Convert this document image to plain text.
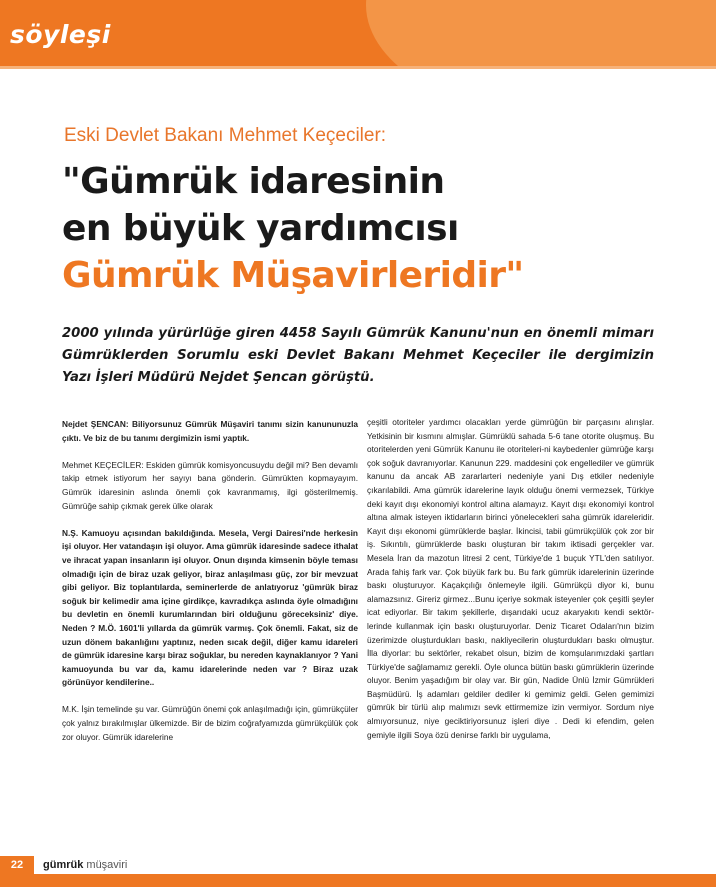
söyleşi
Eski Devlet Bakanı Mehmet Keçeciler:
"Gümrük idaresinin
en büyük yardımcısı
Gümrük Müşavirleridir"

2000 yılında yürürlüğe giren 4458 Sayılı Gümrük Kanunu'nun en önemli mimarı Gümrüklerden Sorumlu eski Devlet Bakanı Mehmet Keçeciler ile dergimizin Yazı İşleri Müdürü Nejdet Şencan görüştü.

Nejdet ŞENCAN: Biliyorsunuz Gümrük Müşaviri tanımı sizin kanununuzla çıktı. Ve biz de bu tanımı dergimizin ismi yaptık.

Mehmet KEÇECİLER: Eskiden gümrük komisyoncusuydu değil mi? Ben devamlı takip etmek istiyorum her sayıyı bana gönderin. Gümrükten kopmayayım. Gümrük idaresinin aslında önemli çok kavranmamış, ilgi gösterilmemiş. Gümrüğe sahip çıkmak gerek ülke olarak

N.Ş. Kamuoyu açısından bakıldığında. Mesela, Vergi Dairesi'nde herkesin işi oluyor. Her vatandaşın işi oluyor. Ama gümrük idaresinde sadece ithalat ve ihracat yapan insanların işi oluyor. Onun dışında kimsenin böyle teması olmadığı için de biraz uzak geliyor, biraz anlaşılması güç, zor bir mevzuat gibi geliyor. Biz toplantılarda, seminerlerde de anlatıyoruz 'gümrük biraz soğuk bir kelimedir ama içine girdikçe, kavradıkça aslında öyle olmadığını bu devletin en önemli kurumlarından biri olduğunu göreceksiniz' diye. Neden ? M.Ö. 1601'li yıllarda da gümrük varmış. Çok önemli. Fakat, siz de uzun dönem bakanlığını yaptınız, neden sıcak değil, diğer kamu idareleri de gümrük idaresine karşı biraz soğuklar, bu nereden kaynaklanıyor ? Yani kamuoyunda bu var da, kamu idarelerinde neden var ? Biraz uzak görünüyor kendilerine..

M.K. İşin temelinde şu var. Gümrüğün önemi çok anlaşılmadığı için, gümrükçüler çok yalnız bırakılmışlar ülkemizde. Bir de bizim coğrafyamızda gümrükçülük çok zor oluyor. Gümrük idarelerine

çeşitli otoriteler yardımcı olacakları yerde gümrüğün bir parçasını alırışlar. Yetkisinin bir kısmını almışlar. Gümrüklü sahada 5-6 tane otorite oluşmuş. Bu otoritelerden yeni Gümrük Kanunu ile otoriteleri-ni kaybedenler gümrüğe karşı çok soğuk davranıyorlar. Kanunun 229. maddesini çok engellediler ve gümrük kanunu da ancak AB zararlarteri nedeniyle yani Dış etkiler nedeniyle çıkarılabildi. Ama gümrük idarelerine layık olduğu önemi vermezsek, Türkiye deki kayıt dışı ekonomiyi kontrol altına alamayız. Kayıt dışı ekonomiyi kontrol altına almak isteyen iktidarların birinci yönelecekleri saha gümrük idareleridir. Kayıt dışı ekonomi gümrüklerde başlar. İkincisi, tabii gümrükçülük çok zor bir iş. Sıkıntılı, gümrüklerde baskı oluşturan bir takım iktisadi gerçekler var. Mesela İran da mazotun litresi 2 cent, Türkiye'de 1 buçuk YTL'den satılıyor. Arada fahiş fark var. Çok büyük fark bu. Bu fark gümrük idarelerinin üzerinde baskı oluşturuyor. Kaçakçılığı önlemeyle ilgili. Gümrükçü diyor ki, bunu alamazsınız. Gireriz girmez...Bunu içeriye sokmak isteyenler çok çeşitli şeyler icat ediyorlar. Bir takım şekillerle, dışarıdaki ucuz akaryakıtı kendi sektör-lerinde kullanmak için baskı oluşturuyorlar. Deniz Ticaret Odaları'nın bizim üzerimizde oluşturdukları baskı, nakliyecilerin oluşturdukları baskı olmuştur. İlla diyorlar: bu sektörler, rekabet olsun, bizim de komşularımızdaki şartları Türkiye'de sağlamamız gerekli. Öyle olunca bütün baskı gümrüklerin üzerinde oluyor. Benim yaşadığım bir olay var. Bir gün, Nadide Ünlü İzmir Gümrükleri Başmüdürü. İş adamları geldiler dediler ki gemimiz geldi. Gelen gemimizi gümrük bir türlü alıp malımızı sevk ettirmemize izin vermiyor. Sordum niye almıyorsunuz, niye geciktiriyorsunuz işleri diye . Dedi ki efendim, gelen gemiyle ilgili Soya özü denirse farklı bir uygulama,

22	gümrük müşaviri
